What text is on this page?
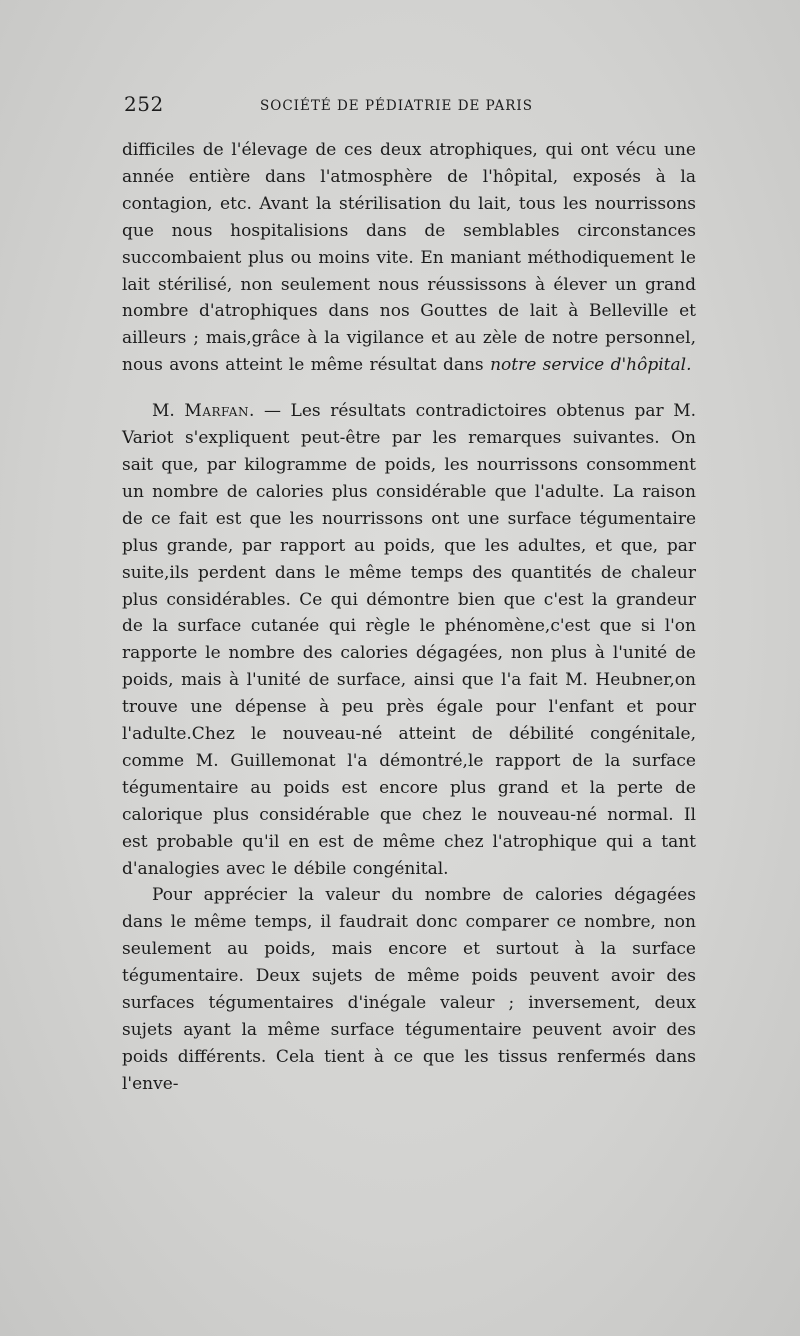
252	SOCIÉTÉ DE PÉDIATRIE DE PARIS

difficiles de l'élevage de ces deux atrophiques, qui ont vécu une année entière dans l'atmosphère de l'hôpital, exposés à la contagion, etc. Avant la stérilisation du lait, tous les nourrissons que nous hospitalisions dans de semblables circonstances succombaient plus ou moins vite. En maniant méthodiquement le lait stérilisé, non seulement nous réussissons à élever un grand nombre d'atrophiques dans nos Gouttes de lait à Belleville et ailleurs ; mais,grâce à la vigilance et au zèle de notre personnel, nous avons atteint le même résultat dans notre service d'hôpital.

M. Marfan. — Les résultats contradictoires obtenus par M. Variot s'expliquent peut-être par les remarques suivantes. On sait que, par kilogramme de poids, les nourrissons consomment un nombre de calories plus considérable que l'adulte. La raison de ce fait est que les nourrissons ont une surface tégumentaire plus grande, par rapport au poids, que les adultes, et que, par suite,ils perdent dans le même temps des quantités de chaleur plus considérables. Ce qui démontre bien que c'est la grandeur de la surface cutanée qui règle le phénomène,c'est que si l'on rapporte le nombre des calories dégagées, non plus à l'unité de poids, mais à l'unité de surface, ainsi que l'a fait M. Heubner,on trouve une dépense à peu près égale pour l'enfant et pour l'adulte.Chez le nouveau-né atteint de débilité congénitale, comme M. Guillemonat l'a démontré,le rapport de la surface tégumentaire au poids est encore plus grand et la perte de calorique plus considérable que chez le nouveau-né normal. Il est probable qu'il en est de même chez l'atrophique qui a tant d'analogies avec le débile congénital.

Pour apprécier la valeur du nombre de calories dégagées dans le même temps, il faudrait donc comparer ce nombre, non seulement au poids, mais encore et surtout à la surface tégumentaire. Deux sujets de même poids peuvent avoir des surfaces tégumentaires d'inégale valeur ; inversement, deux sujets ayant la même surface tégumentaire peuvent avoir des poids différents. Cela tient à ce que les tissus renfermés dans l'enve-
